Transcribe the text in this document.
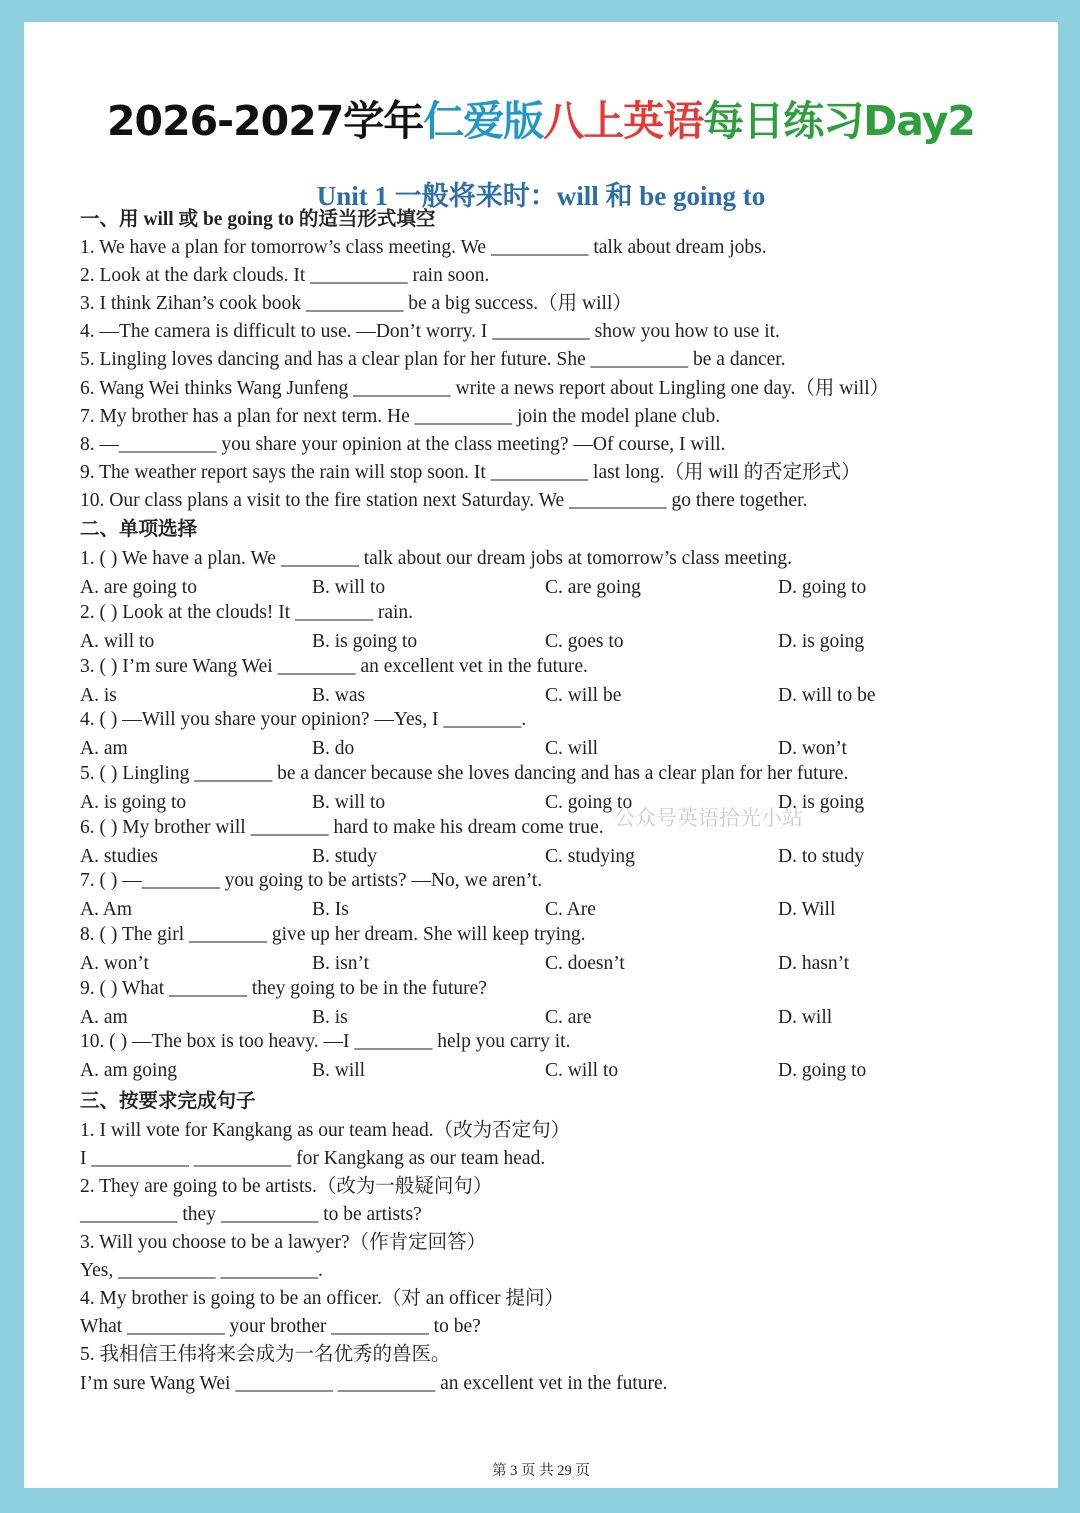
2026-2027学年仁爱版八上英语每日练习Day2
Unit 1 一般将来时：will 和 be going to
公众号英语拾光小站
一、用 will 或 be going to 的适当形式填空
1. We have a plan for tomorrow’s class meeting. We __________ talk about dream jobs.
2. Look at the dark clouds. It __________ rain soon.
3. I think Zihan’s cook book __________ be a big success.（用 will）
4. —The camera is difficult to use. —Don’t worry. I __________ show you how to use it.
5. Lingling loves dancing and has a clear plan for her future. She __________ be a dancer.
6. Wang Wei thinks Wang Junfeng __________ write a news report about Lingling one day.（用 will）
7. My brother has a plan for next term. He __________ join the model plane club.
8. —__________ you share your opinion at the class meeting? —Of course, I will.
9. The weather report says the rain will stop soon. It __________ last long.（用 will 的否定形式）
10. Our class plans a visit to the fire station next Saturday. We __________ go there together.
二、单项选择
1. ( ) We have a plan. We ________ talk about our dream jobs at tomorrow’s class meeting.
A. are going to	B. will to	C. are going	D. going to
2. ( ) Look at the clouds! It ________ rain.
A. will to	B. is going to	C. goes to	D. is going
3. ( ) I’m sure Wang Wei ________ an excellent vet in the future.
A. is	B. was	C. will be	D. will to be
4. ( ) —Will you share your opinion? —Yes, I ________.
A. am	B. do	C. will	D. won’t
5. ( ) Lingling ________ be a dancer because she loves dancing and has a clear plan for her future.
A. is going to	B. will to	C. going to	D. is going
6. ( ) My brother will ________ hard to make his dream come true.
A. studies	B. study	C. studying	D. to study
7. ( ) —________ you going to be artists? —No, we aren’t.
A. Am	B. Is	C. Are	D. Will
8. ( ) The girl ________ give up her dream. She will keep trying.
A. won’t	B. isn’t	C. doesn’t	D. hasn’t
9. ( ) What ________ they going to be in the future?
A. am	B. is	C. are	D. will
10. ( ) —The box is too heavy. —I ________ help you carry it.
A. am going	B. will	C. will to	D. going to
三、按要求完成句子
1. I will vote for Kangkang as our team head.（改为否定句）
I __________ __________ for Kangkang as our team head.
2. They are going to be artists.（改为一般疑问句）
__________ they __________ to be artists?
3. Will you choose to be a lawyer?（作肯定回答）
Yes, __________ __________.
4. My brother is going to be an officer.（对 an officer 提问）
What __________ your brother __________ to be?
5. 我相信王伟将来会成为一名优秀的兽医。
I’m sure Wang Wei __________ __________ an excellent vet in the future.
第 3 页 共 29 页
